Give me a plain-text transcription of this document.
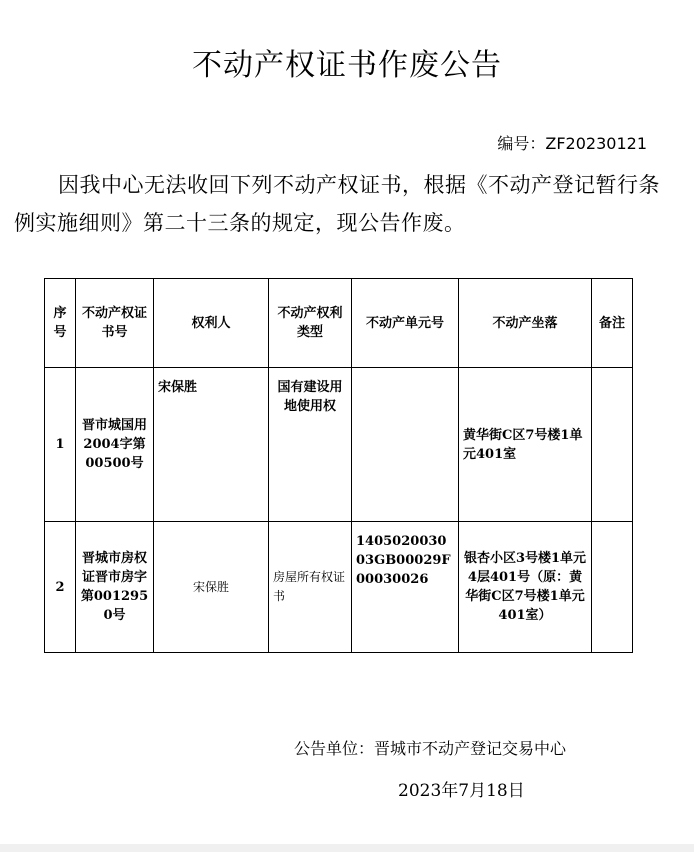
不动产权证书作废公告
编号：ZF20230121
因我中心无法收回下列不动产权证书，根据《不动产登记暂行条例实施细则》第二十三条的规定，现公告作废。
序号	不动产权证书号	权利人	不动产权利类型	不动产单元号	不动产坐落	备注
1	晋市城国用2004字第00500号	宋保胜	国有建设用地使用权		黄华街C区7号楼1单元401室	
2	晋城市房权证晋市房字第0012950号	宋保胜	房屋所有权证书	140502003003GB00029F00030026	银杏小区3号楼1单元4层401号（原：黄华街C区7号楼1单元401室）	
公告单位：晋城市不动产登记交易中心
2023年7月18日
